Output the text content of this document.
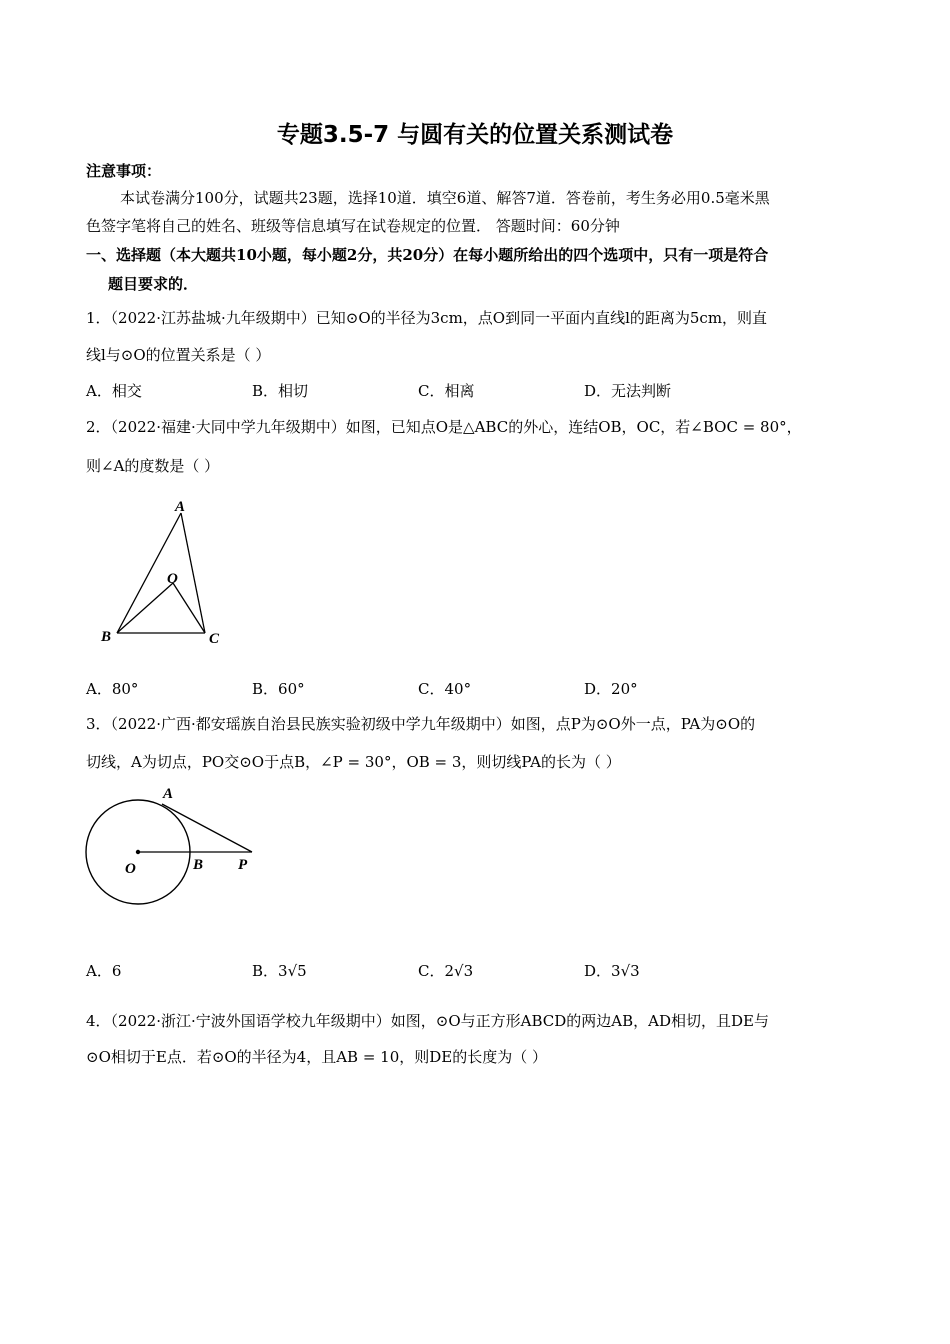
专题3.5-7 与圆有关的位置关系测试卷
注意事项：
本试卷满分100分，试题共23题，选择10道．填空6道、解答7道．答卷前，考生务必用0.5毫米黑
色签字笔将自己的姓名、班级等信息填写在试卷规定的位置． 答题时间：60分钟
一、选择题（本大题共10小题，每小题2分，共20分）在每小题所给出的四个选项中，只有一项是符合
题目要求的．
1．（2022·江苏盐城·九年级期中）已知⊙O的半径为3cm，点O到同一平面内直线l的距离为5cm，则直
线l与⊙O的位置关系是（ ）
A．相交	B．相切	C．相离	D．无法判断
2．（2022·福建·大同中学九年级期中）如图，已知点O是△ABC的外心，连结OB，OC，若∠BOC = 80°，
则∠A的度数是（ ）
A
O
B	C
A．80°	B．60°	C．40°	D．20°
3．（2022·广西·都安瑶族自治县民族实验初级中学九年级期中）如图，点P为⊙O外一点，PA为⊙O的
切线，A为切点，PO交⊙O于点B，∠P = 30°，OB = 3，则切线PA的长为（ ）
A
O	B P
A．6	B．3√5	C．2√3	D．3√3
4．（2022·浙江·宁波外国语学校九年级期中）如图，⊙O与正方形ABCD的两边AB，AD相切，且DE与
⊙O相切于E点．若⊙O的半径为4，且AB = 10，则DE的长度为（ ）
